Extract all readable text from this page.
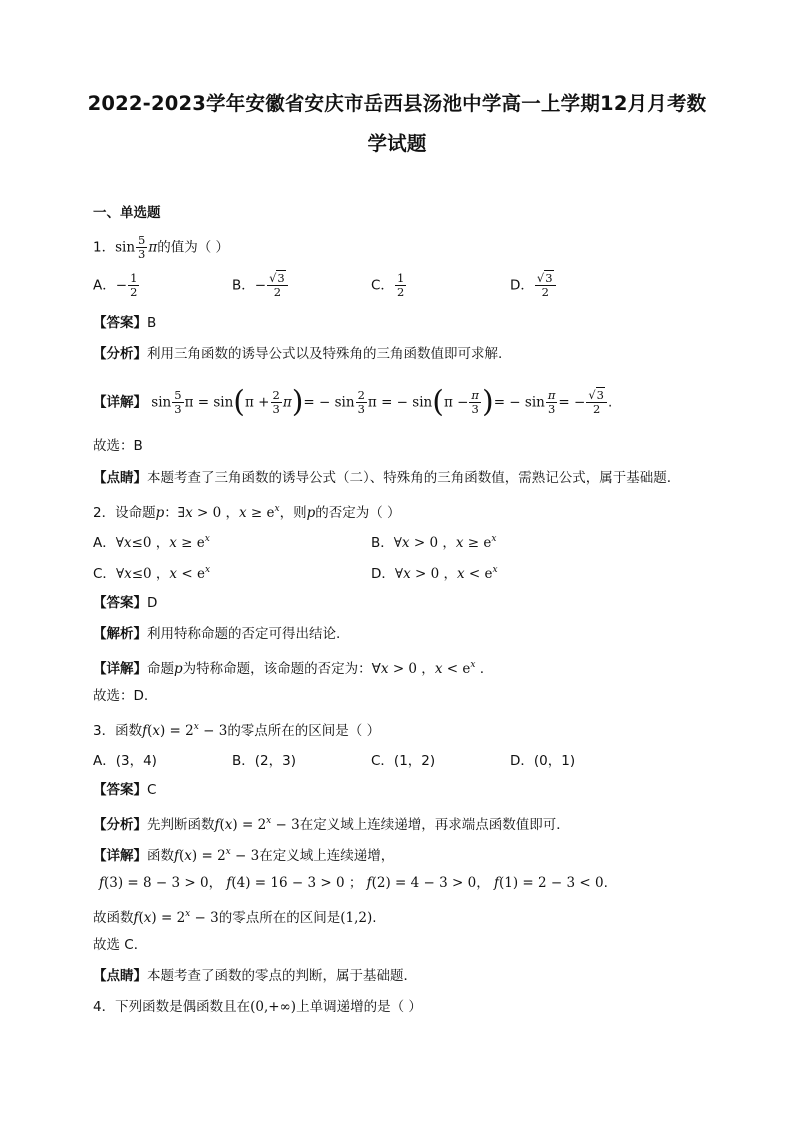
2022-2023学年安徽省安庆市岳西县汤池中学高一上学期12月月考数
学试题
一、单选题
1．$\sin \frac{5}{3}$ π的值为（ ）
A．− $\frac{1}{2}$	B．− $\frac{√3}{2}$	C． $\frac{1}{2}$	D． $\frac{√3}{2}$
【答案】B
【分析】利用三角函数的诱导公式以及特殊角的三角函数值即可求解.
【详解】 $\sin \frac{5}{3}$ $\pi = \sin(\pi + \frac{2}{3} \pi)= - \sin \frac{2}{3}$ π = − $\sin(\pi - \frac{\pi}{3}$ )= − $\sin \frac{\pi}{3}$ = − $\frac{√3}{2}$ .
故选：B
【点睛】本题考查了三角函数的诱导公式（二）、特殊角的三角函数值，需熟记公式，属于基础题.
2．设命题p：∃x > 0 ，$x \ge e^x$，则p的否定为（ ）
A．∀x≤0 ，$x \ge e^x$	B．∀x > 0 ，$x \ge e^x$
C．∀x≤0 ，$x < e^x$	D．∀x > 0 ，$x < e^x$
【答案】D
【解析】利用特称命题的否定可得出结论.
【详解】命题p为特称命题，该命题的否定为：∀x > 0 ，$x < e^x$ .
故选：D.
3．函数$f(x) = 2^x - 3$的零点所在的区间是（ ）
A．(3，4)	B．(2，3)	C．(1，2)	D．(0，1)
【答案】C
【分析】先判断函数$f(x) = 2^x - 3$在定义域上连续递增，再求端点函数值即可．
【详解】函数$f(x) = 2^x - 3$在定义域上连续递增，
f(3) = 8 − 3 > 0， f(4) = 16 − 3 > 0 ； f(2) = 4 − 3 > 0， f(1) = 2 − 3 < 0.
故函数$f(x) = 2^x - 3$的零点所在的区间是(1,2).
故选 C．
【点睛】本题考查了函数的零点的判断，属于基础题．
4．下列函数是偶函数且在(0,+∞)上单调递增的是（ ）
